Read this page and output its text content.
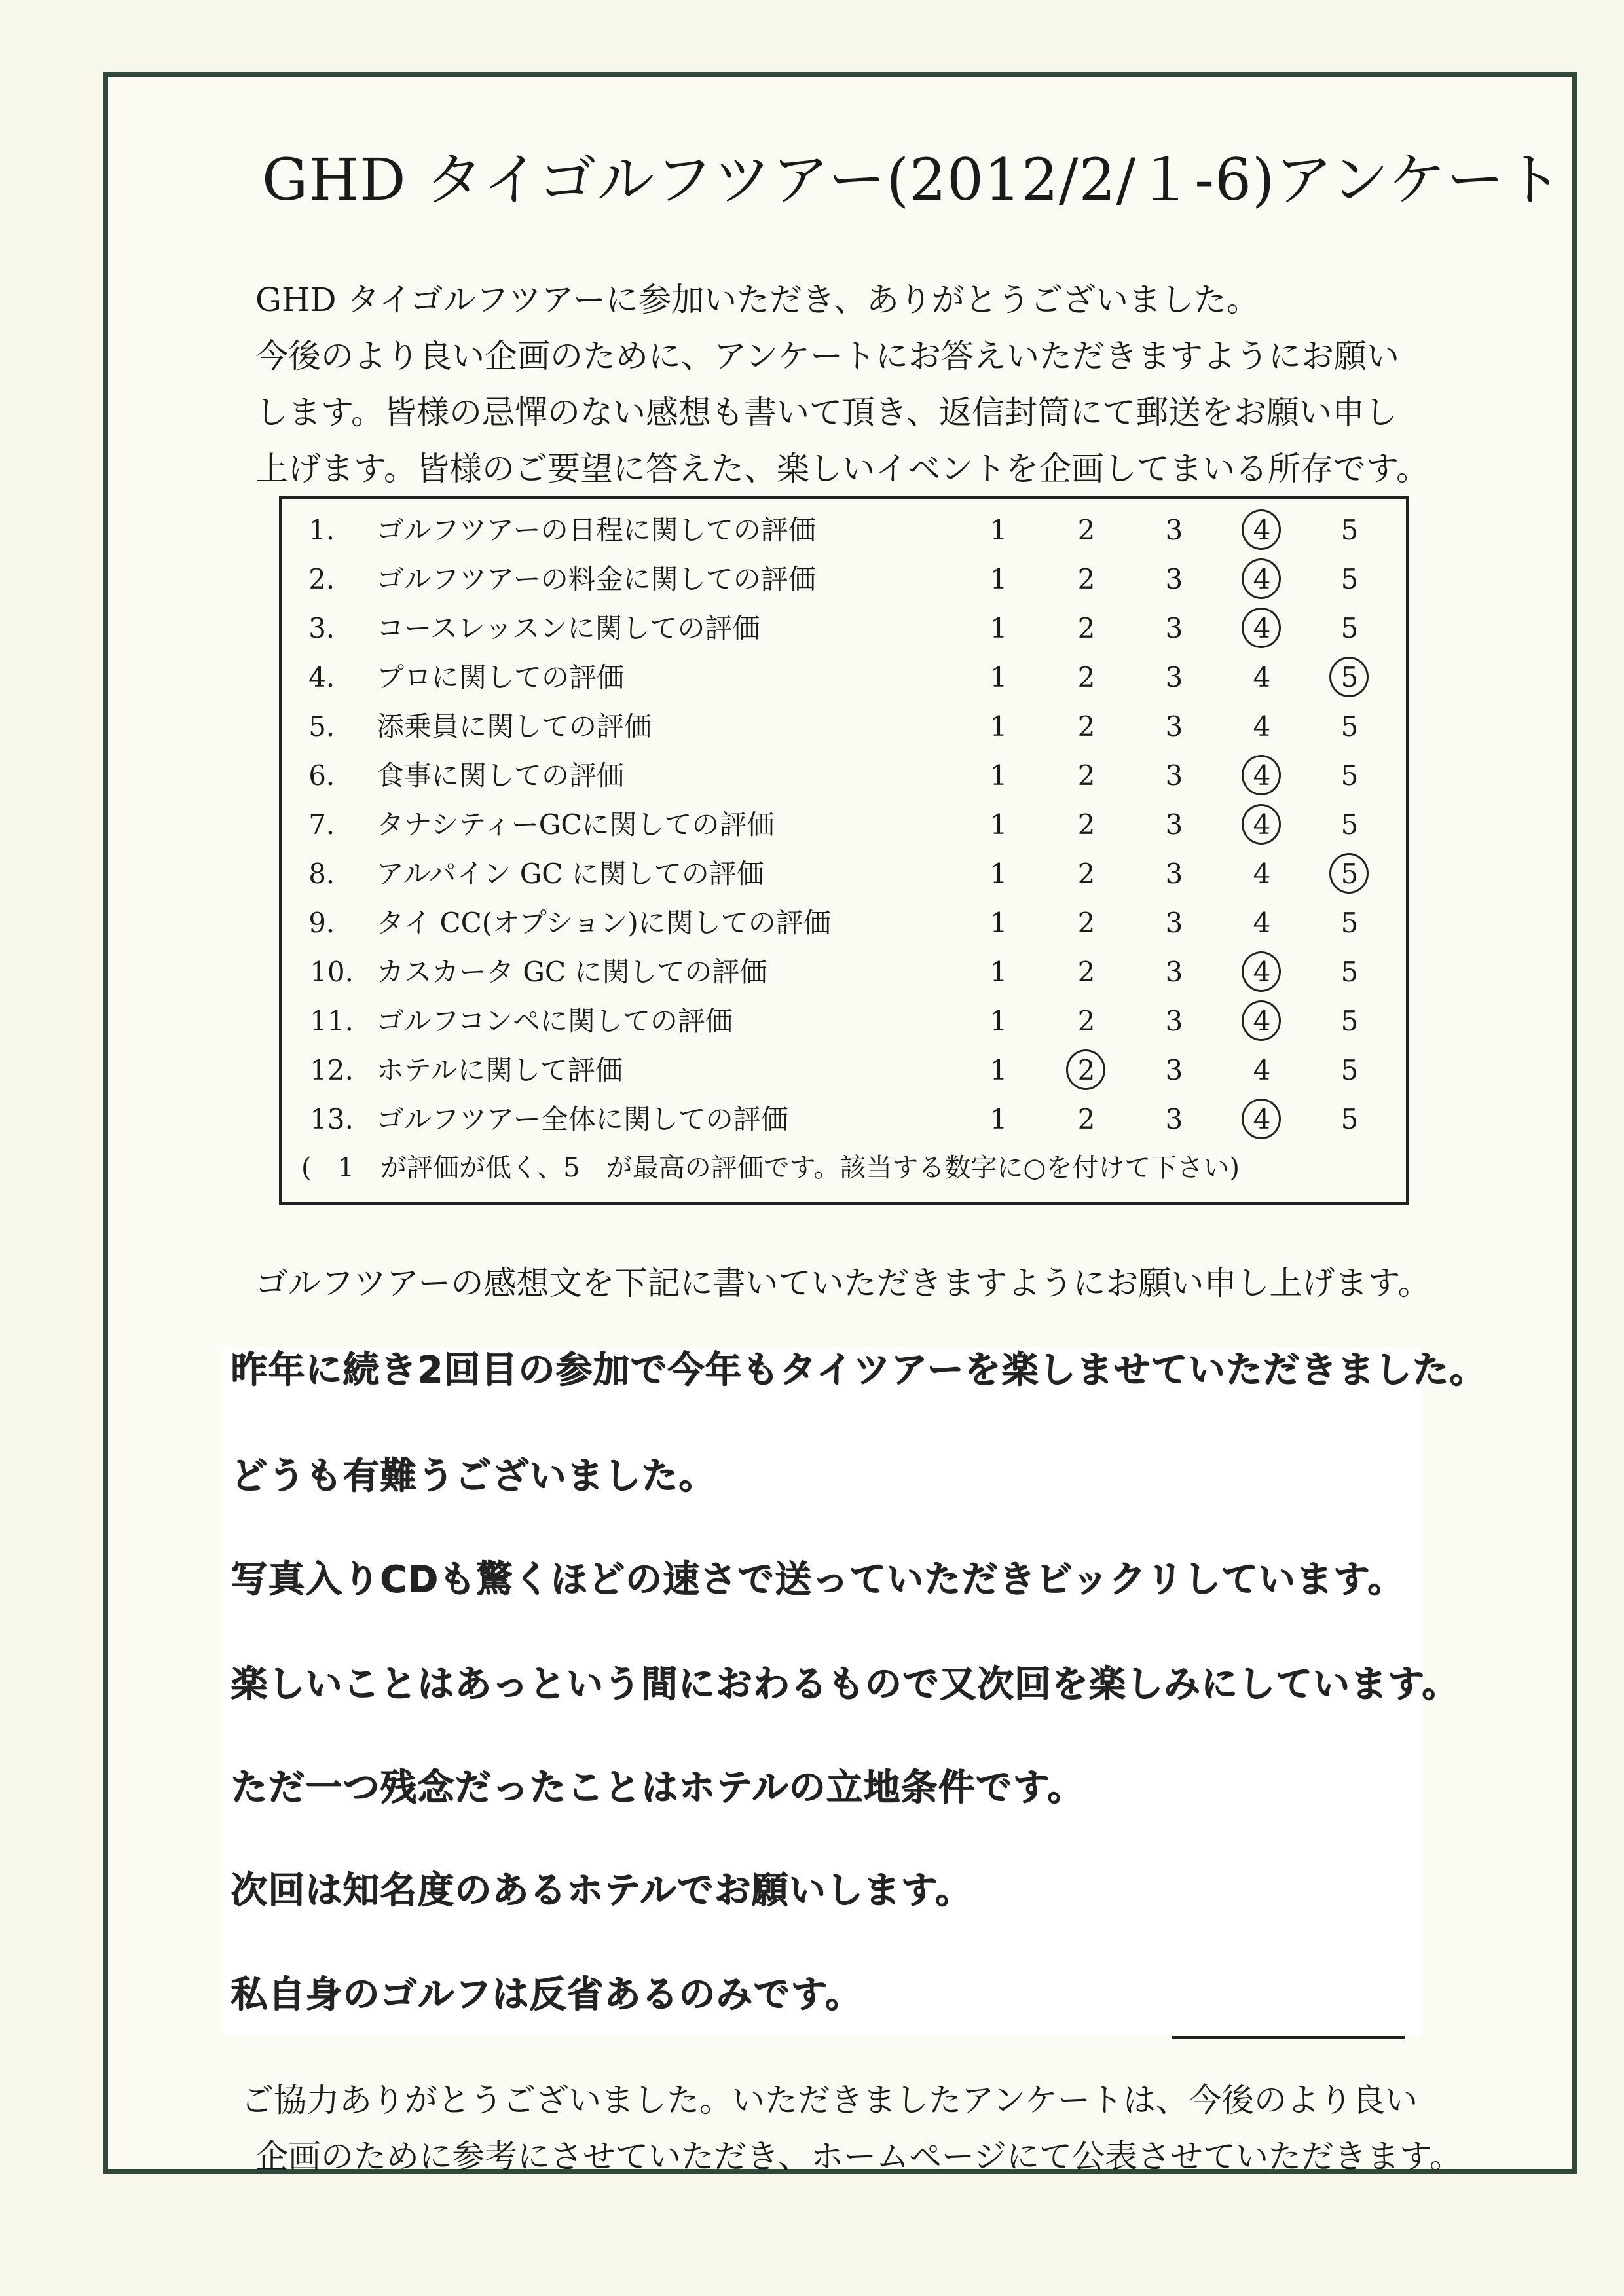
GHD タイゴルフツアー(2012/2/１-6)アンケート
GHD タイゴルフツアーに参加いただき、ありがとうございました。
今後のより良い企画のために、アンケートにお答えいただきますようにお願い
します。皆様の忌憚のない感想も書いて頂き、返信封筒にて郵送をお願い申し
上げます。皆様のご要望に答えた、楽しいイベントを企画してまいる所存です。
(　1　が評価が低く、5　が最高の評価です。該当する数字に○を付けて下さい)
1． ゴルフツアーの日程に関しての評価	1	2	3	4	5
2． ゴルフツアーの料金に関しての評価	1	2	3	4	5
3． コースレッスンに関しての評価	1	2	3	4	5
4． プロに関しての評価	1	2	3	4	5
5． 添乗員に関しての評価	1	2	3	4	5
6． 食事に関しての評価	1	2	3	4	5
7． タナシティーGCに関しての評価	1	2	3	4	5
8． アルパイン GC に関しての評価	1	2	3	4	5
9． タイ CC(オプション)に関しての評価	1	2	3	4	5
10. カスカータ GC に関しての評価	1	2	3	4	5
11. ゴルフコンペに関しての評価	1	2	3	4	5
12. ホテルに関して評価	1	2	3	4	5
13. ゴルフツアー全体に関しての評価	1	2	3	4	5
ゴルフツアーの感想文を下記に書いていただきますようにお願い申し上げます。
昨年に続き2回目の参加で今年もタイツアーを楽しませていただきました。
どうも有難うございました。
写真入りCDも驚くほどの速さで送っていただきビックリしています。
楽しいことはあっという間におわるもので又次回を楽しみにしています。
ただ一つ残念だったことはホテルの立地条件です。
次回は知名度のあるホテルでお願いします。
私自身のゴルフは反省あるのみです。
ご協力ありがとうございました。いただきましたアンケートは、今後のより良い
企画のために参考にさせていただき、ホームページにて公表させていただきます。
